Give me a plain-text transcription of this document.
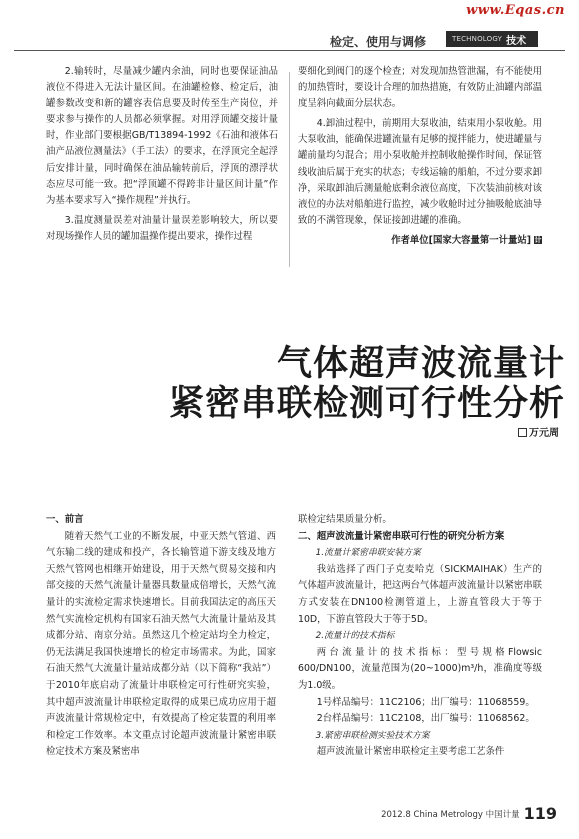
www.Eqas.cn
检定、使用与调修	TECHNOLOGY 技术

2.输转时，尽量减少罐内余油，同时也要保证油品液位不得进入无法计量区间。在油罐检修、检定后，油罐参数改变和新的罐容表信息要及时传至生产岗位，并要求参与操作的人员都必须掌握。对用浮顶罐交接计量时，作业部门要根据GB/T13894-1992《石油和液体石油产品液位测量法》（手工法）的要求，在浮顶完全起浮后安排计量，同时确保在油品输转前后，浮顶的漂浮状态应尽可能一致。把“浮顶罐不得跨非计量区间计量”作为基本要求写入“操作规程”并执行。

3.温度测量误差对油量计量误差影响较大，所以要对现场操作人员的罐加温操作提出要求，操作过程

要细化到阀门的逐个检查；对发现加热管泄漏，有不能使用的加热管时，要设计合理的加热措施，有效防止油罐内部温度呈斜向截面分层状态。

4.卸油过程中，前期用大泵收油，结束用小泵收舱。用大泵收油，能确保进罐流量有足够的搅拌能力，使进罐量与罐前量均匀混合；用小泵收舱并控制收舱操作时间，保证管线收油后属于充实的状态；专线运输的船舶，不过分要求卸净，采取卸油后测量舱底剩余液位高度，下次装油前核对该液位的办法对船舶进行监控，减少收舱时过分抽吸舱底油导致的不满管现象，保证接卸进罐的准确。

作者单位[国家大容量第一计量站] 计
气体超声波流量计
紧密串联检测可行性分析
万元周

一、前言

随着天然气工业的不断发展，中亚天然气管道、西气东输二线的建成和投产，各长输管道下游支线及地方天然气管网也相继开始建设，用于天然气贸易交接和内部交接的天然气流量计量器具数量成倍增长，天然气流量计的实流检定需求快速增长。目前我国法定的高压天然气实流检定机构有国家石油天然气大流量计量站及其成都分站、南京分站。虽然这几个检定站均全力检定，仍无法满足我国快速增长的检定市场需求。为此，国家石油天然气大流量计量站成都分站（以下简称“我站”）于2010年底启动了流量计串联检定可行性研究实验，其中超声波流量计串联检定取得的成果已成功应用于超声波流量计常规检定中，有效提高了检定装置的利用率和检定工作效率。本文重点讨论超声波流量计紧密串联检定技术方案及紧密串

联检定结果质量分析。

二、超声波流量计紧密串联可行性的研究分析方案

1.流量计紧密串联安装方案

我站选择了西门子克麦哈克（SICKMAIHAK）生产的气体超声波流量计，把这两台气体超声波流量计以紧密串联方式安装在DN100检测管道上，上游直管段大于等于10D，下游直管段大于等于5D。

2.流量计的技术指标

两台流量计的技术指标：型号规格Flowsic 600/DN100，流量范围为(20~1000)m³/h，准确度等级为1.0级。

1号样品编号：11C2106；出厂编号：11068559。

2台样品编号：11C2108，出厂编号：11068562。

3.紧密串联检测实验技术方案

超声波流量计紧密串联检定主要考虑工艺条件

2012.8 China Metrology 中国计量 119
